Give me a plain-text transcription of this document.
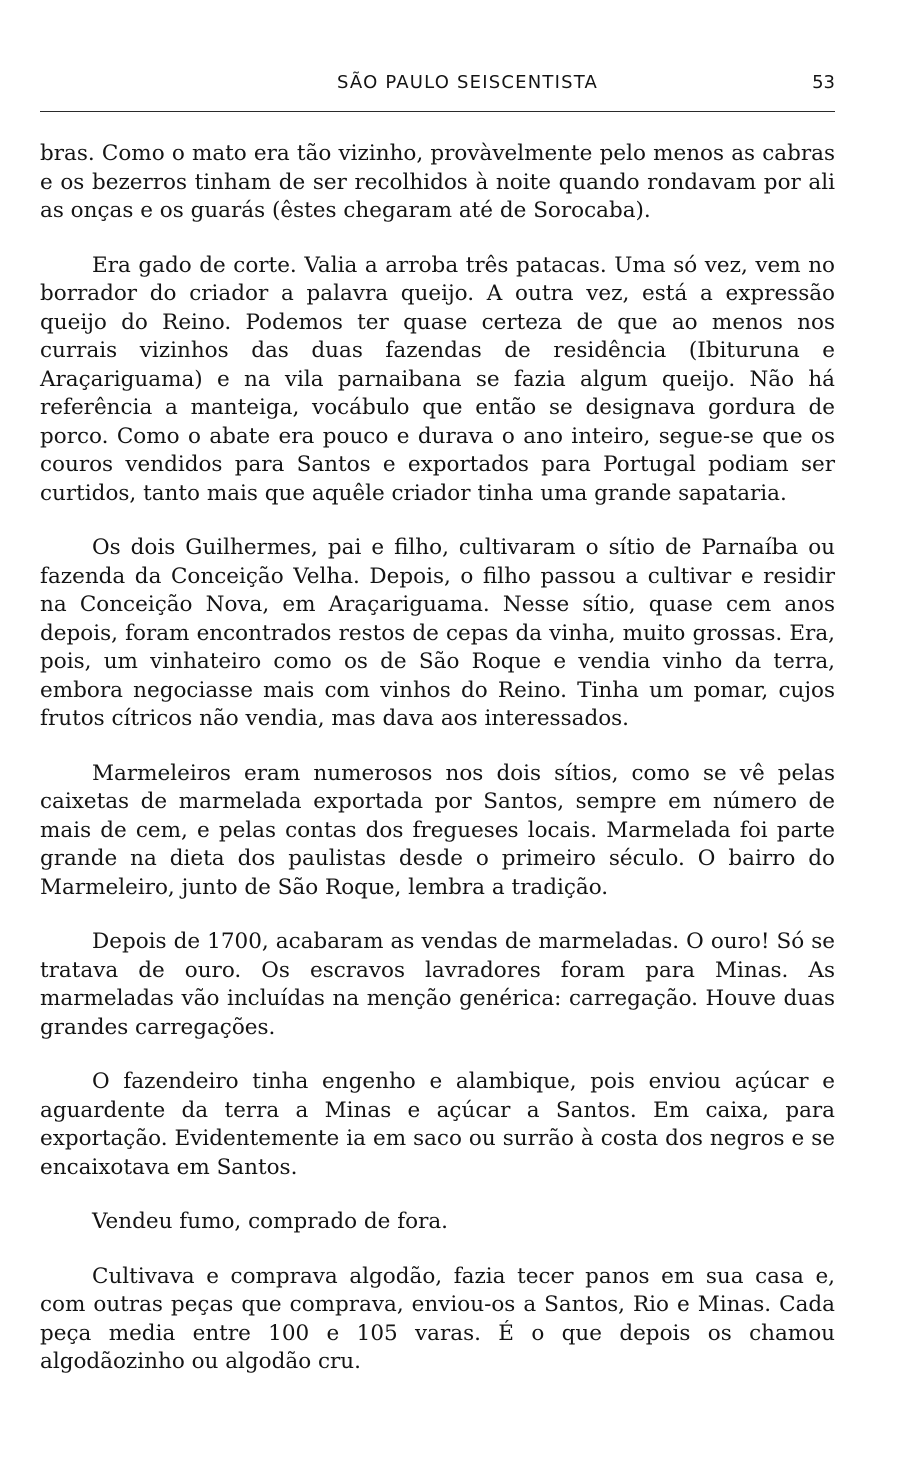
SÃO PAULO SEISCENTISTA	53

bras. Como o mato era tão vizinho, provàvelmente pelo menos as cabras e os bezerros tinham de ser recolhidos à noite quando rondavam por ali as onças e os guarás (êstes chegaram até de Sorocaba).

Era gado de corte. Valia a arroba três patacas. Uma só vez, vem no borrador do criador a palavra queijo. A outra vez, está a expressão queijo do Reino. Podemos ter quase certeza de que ao menos nos currais vizinhos das duas fazendas de residência (Ibituruna e Araçariguama) e na vila parnaibana se fazia algum queijo. Não há referência a manteiga, vocábulo que então se designava gordura de porco. Como o abate era pouco e durava o ano inteiro, segue-se que os couros vendidos para Santos e exportados para Portugal podiam ser curtidos, tanto mais que aquêle criador tinha uma grande sapataria.

Os dois Guilhermes, pai e filho, cultivaram o sítio de Parnaíba ou fazenda da Conceição Velha. Depois, o filho passou a cultivar e residir na Conceição Nova, em Araçariguama. Nesse sítio, quase cem anos depois, foram encontrados restos de cepas da vinha, muito grossas. Era, pois, um vinhateiro como os de São Roque e vendia vinho da terra, embora negociasse mais com vinhos do Reino. Tinha um pomar, cujos frutos cítricos não vendia, mas dava aos interessados.

Marmeleiros eram numerosos nos dois sítios, como se vê pelas caixetas de marmelada exportada por Santos, sempre em número de mais de cem, e pelas contas dos fregueses locais. Marmelada foi parte grande na dieta dos paulistas desde o primeiro século. O bairro do Marmeleiro, junto de São Roque, lembra a tradição.

Depois de 1700, acabaram as vendas de marmeladas. O ouro! Só se tratava de ouro. Os escravos lavradores foram para Minas. As marmeladas vão incluídas na menção genérica: carregação. Houve duas grandes carregações.

O fazendeiro tinha engenho e alambique, pois enviou açúcar e aguardente da terra a Minas e açúcar a Santos. Em caixa, para exportação. Evidentemente ia em saco ou surrão à costa dos negros e se encaixotava em Santos.

Vendeu fumo, comprado de fora.

Cultivava e comprava algodão, fazia tecer panos em sua casa e, com outras peças que comprava, enviou-os a Santos, Rio e Minas. Cada peça media entre 100 e 105 varas. É o que depois os chamou algodãozinho ou algodão cru.
